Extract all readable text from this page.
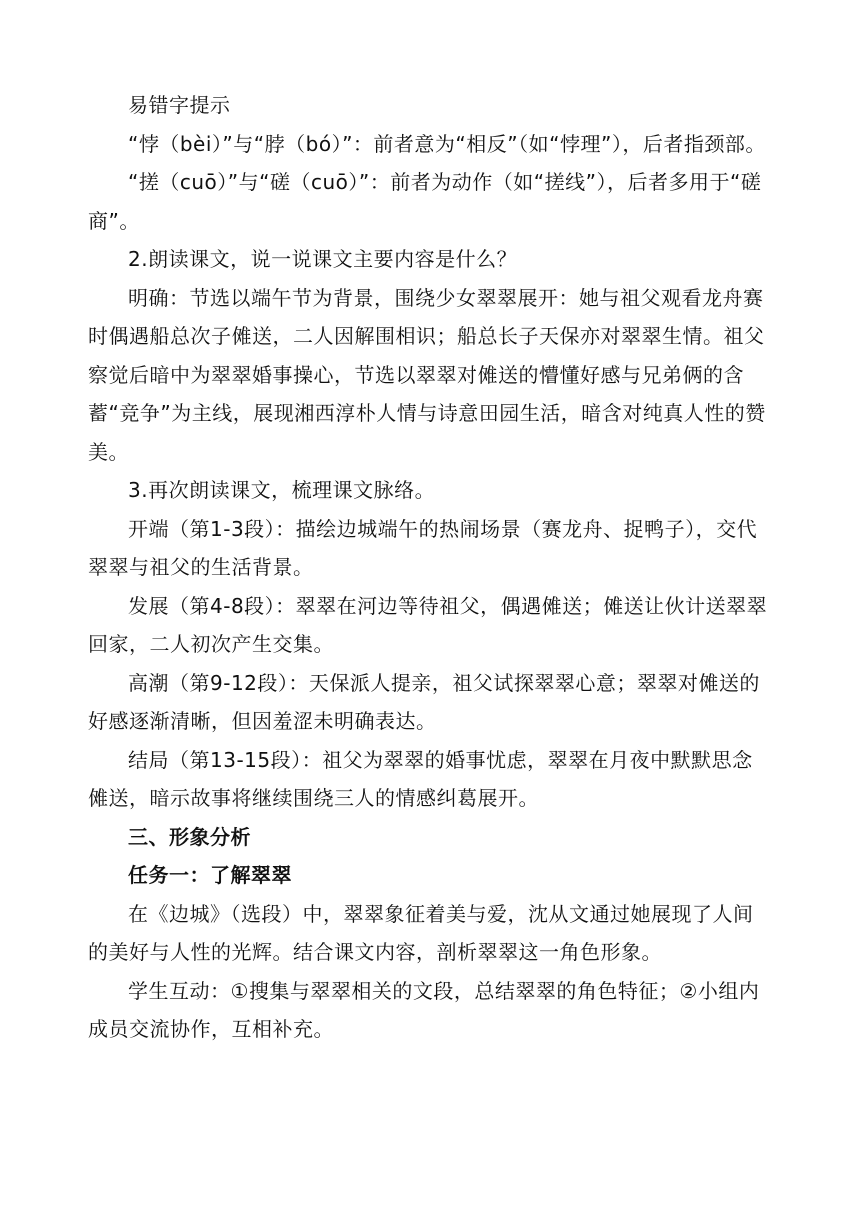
易错字提示

“悖（bèi）”与“脖（bó）”：前者意为“相反”（如“悖理”），后者指颈部。

“搓（cuō）”与“磋（cuō）”：前者为动作（如“搓线”），后者多用于“磋商”。

2.朗读课文，说一说课文主要内容是什么？

明确：节选以端午节为背景，围绕少女翠翠展开：她与祖父观看龙舟赛时偶遇船总次子傩送，二人因解围相识；船总长子天保亦对翠翠生情。祖父察觉后暗中为翠翠婚事操心，节选以翠翠对傩送的懵懂好感与兄弟俩的含蓄“竞争”为主线，展现湘西淳朴人情与诗意田园生活，暗含对纯真人性的赞美。

3.再次朗读课文，梳理课文脉络。

开端（第1-3段）：描绘边城端午的热闹场景（赛龙舟、捉鸭子），交代翠翠与祖父的生活背景。

发展（第4-8段）：翠翠在河边等待祖父，偶遇傩送；傩送让伙计送翠翠回家，二人初次产生交集。

高潮（第9-12段）：天保派人提亲，祖父试探翠翠心意；翠翠对傩送的好感逐渐清晰，但因羞涩未明确表达。

结局（第13-15段）：祖父为翠翠的婚事忧虑，翠翠在月夜中默默思念傩送，暗示故事将继续围绕三人的情感纠葛展开。

三、形象分析

任务一：了解翠翠

在《边城》（选段）中，翠翠象征着美与爱，沈从文通过她展现了人间的美好与人性的光辉。结合课文内容，剖析翠翠这一角色形象。

学生互动：①搜集与翠翠相关的文段，总结翠翠的角色特征；②小组内成员交流协作，互相补充。
